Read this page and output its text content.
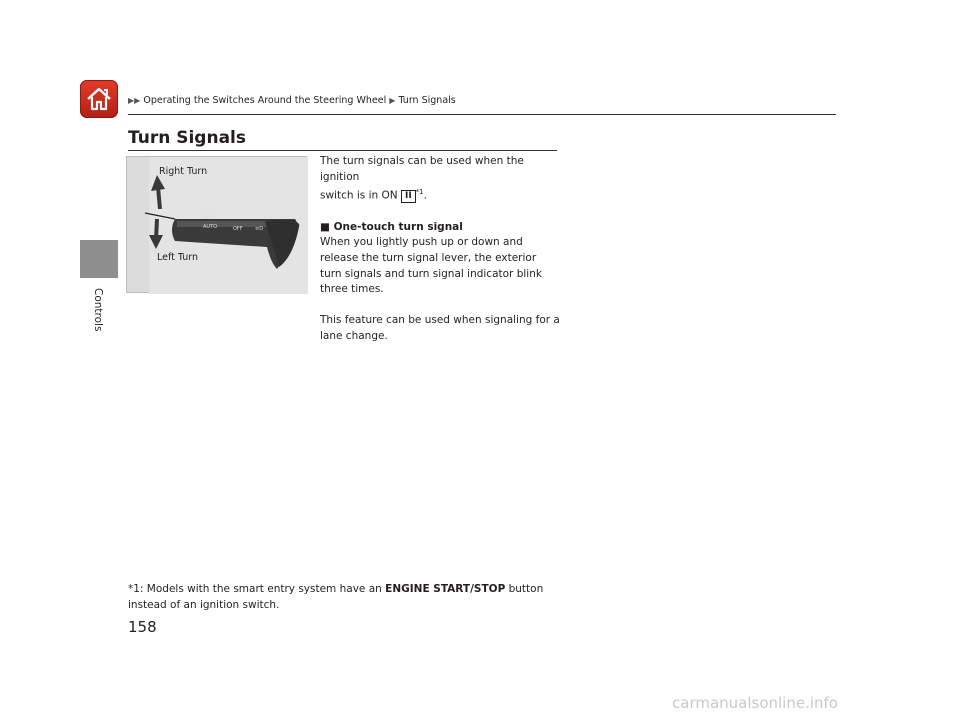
Controls
▶▶ Operating the Switches Around the Steering Wheel ▶ Turn Signals
Turn Signals
OFF
AUTO	OFF ≡D
Right Turn
Left Turn

The turn signals can be used when the ignition

switch is in ON II $^{*1}$.

■ One-touch turn signal

When you lightly push up or down and release the turn signal lever, the exterior turn signals and turn signal indicator blink three times.

This feature can be used when signaling for a lane change.

*1: Models with the smart entry system have an ENGINE START/STOP button instead of an ignition switch.
158
carmanualsonline.info
